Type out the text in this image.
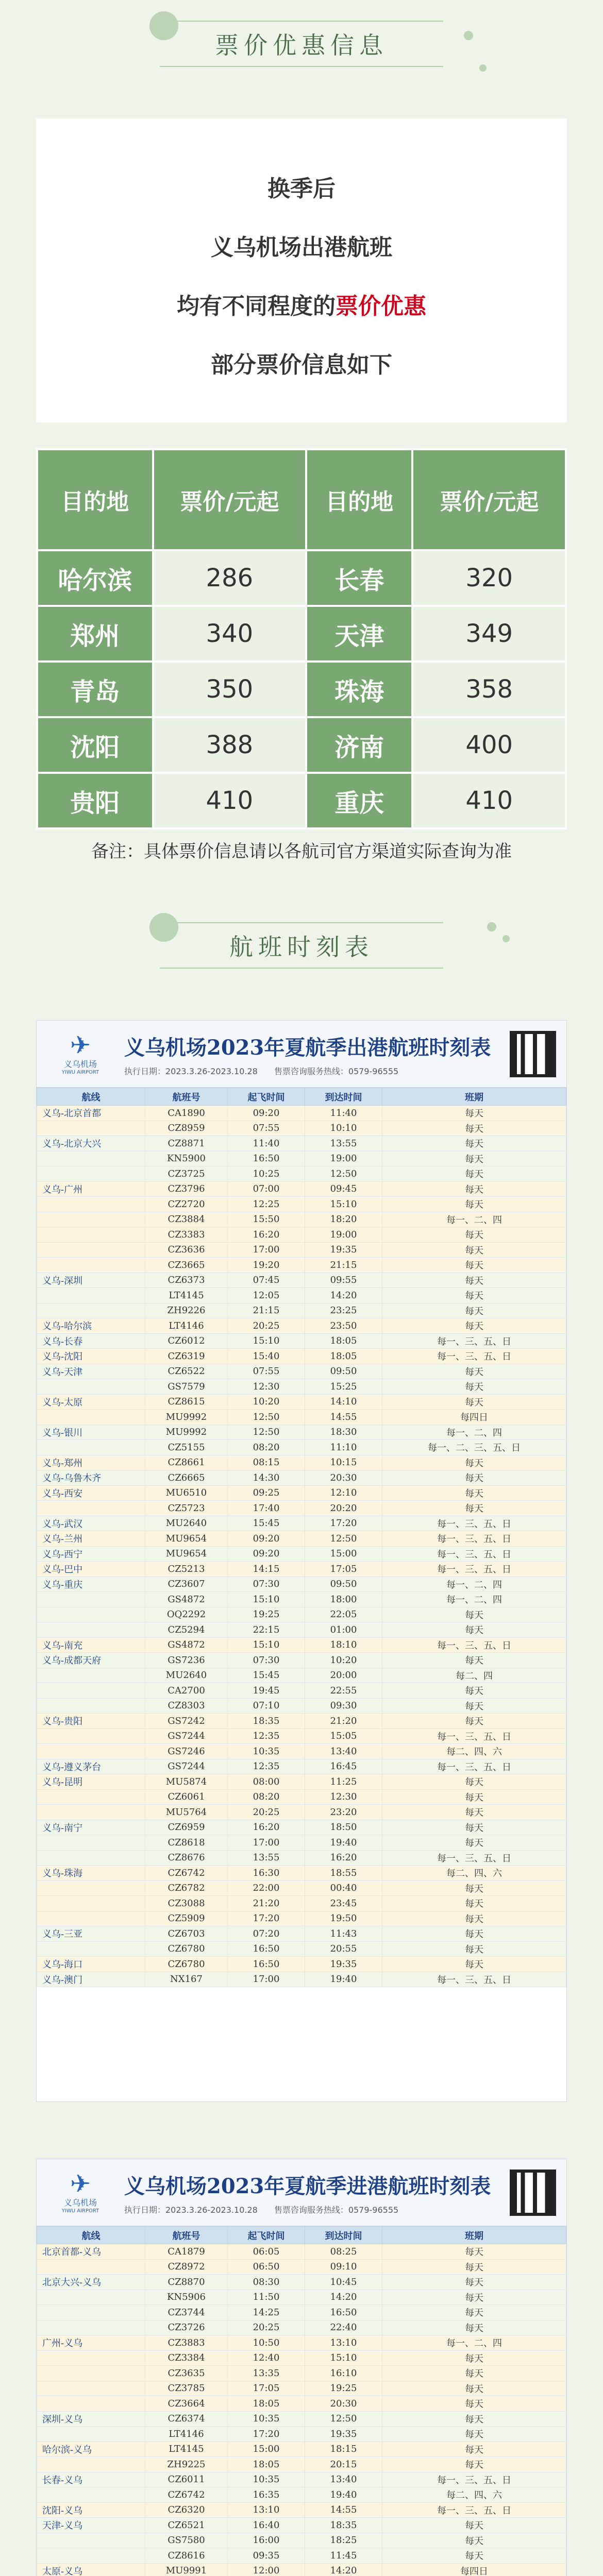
票价优惠信息

换季后

义乌机场出港航班

均有不同程度的票价优惠

部分票价信息如下

目的地	票价/元起	目的地	票价/元起
哈尔滨	286	长春	320
郑州	340	天津	349
青岛	350	珠海	358
沈阳	388	济南	400
贵阳	410	重庆	410
备注：具体票价信息请以各航司官方渠道实际查询为准
航班时刻表
✈
义乌机场
YIWU AIRPORT
义乌机场2023年夏航季出港航班时刻表
执行日期：2023.3.26-2023.10.28　　售票咨询服务热线：0579-96555
航线	航班号	起飞时间	到达时间	班期
义乌-北京首都	CA1890	09:20	11:40	每天
	CZ8959	07:55	10:10	每天
义乌-北京大兴	CZ8871	11:40	13:55	每天
	KN5900	16:50	19:00	每天
	CZ3725	10:25	12:50	每天
义乌-广州	CZ3796	07:00	09:45	每天
	CZ2720	12:25	15:10	每天
	CZ3884	15:50	18:20	每一、二、四
	CZ3383	16:20	19:00	每天
	CZ3636	17:00	19:35	每天
	CZ3665	19:20	21:15	每天
义乌-深圳	CZ6373	07:45	09:55	每天
	LT4145	12:05	14:20	每天
	ZH9226	21:15	23:25	每天
义乌-哈尔滨	LT4146	20:25	23:50	每天
义乌-长春	CZ6012	15:10	18:05	每一、三、五、日
义乌-沈阳	CZ6319	15:40	18:05	每一、三、五、日
义乌-天津	CZ6522	07:55	09:50	每天
	GS7579	12:30	15:25	每天
义乌-太原	CZ8615	10:20	14:10	每天
	MU9992	12:50	14:55	每四日
义乌-银川	MU9992	12:50	18:30	每一、二、四
	CZ5155	08:20	11:10	每一、二、三、五、日
义乌-郑州	CZ8661	08:15	10:15	每天
义乌-乌鲁木齐	CZ6665	14:30	20:30	每天
义乌-西安	MU6510	09:25	12:10	每天
	CZ5723	17:40	20:20	每天
义乌-武汉	MU2640	15:45	17:20	每一、三、五、日
义乌-兰州	MU9654	09:20	12:50	每一、三、五、日
义乌-西宁	MU9654	09:20	15:00	每一、三、五、日
义乌-巴中	CZ5213	14:15	17:05	每一、三、五、日
义乌-重庆	CZ3607	07:30	09:50	每一、二、四
	GS4872	15:10	18:00	每一、二、四
	OQ2292	19:25	22:05	每天
	CZ5294	22:15	01:00	每天
义乌-南充	GS4872	15:10	18:10	每一、三、五、日
义乌-成都天府	GS7236	07:30	10:20	每天
	MU2640	15:45	20:00	每二、四
	CA2700	19:45	22:55	每天
	CZ8303	07:10	09:30	每天
义乌-贵阳	GS7242	18:35	21:20	每天
	GS7244	12:35	15:05	每一、三、五、日
	GS7246	10:35	13:40	每二、四、六
义乌-遵义茅台	GS7244	12:35	16:45	每一、三、五、日
义乌-昆明	MU5874	08:00	11:25	每天
	CZ6061	08:20	12:30	每天
	MU5764	20:25	23:20	每天
义乌-南宁	CZ6959	16:20	18:50	每天
	CZ8618	17:00	19:40	每天
	CZ8676	13:55	16:20	每一、三、五、日
义乌-珠海	CZ6742	16:30	18:55	每二、四、六
	CZ6782	22:00	00:40	每天
	CZ3088	21:20	23:45	每天
	CZ5909	17:20	19:50	每天
义乌-三亚	CZ6703	07:20	11:43	每天
	CZ6780	16:50	20:55	每天
义乌-海口	CZ6780	16:50	19:35	每天
义乌-澳门	NX167	17:00	19:40	每一、三、五、日
✈
义乌机场
YIWU AIRPORT
义乌机场2023年夏航季进港航班时刻表
执行日期：2023.3.26-2023.10.28　　售票咨询服务热线：0579-96555
航线	航班号	起飞时间	到达时间	班期
北京首都-义乌	CA1879	06:05	08:25	每天
	CZ8972	06:50	09:10	每天
北京大兴-义乌	CZ8870	08:30	10:45	每天
	KN5906	11:50	14:20	每天
	CZ3744	14:25	16:50	每天
	CZ3726	20:25	22:40	每天
广州-义乌	CZ3883	10:50	13:10	每一、二、四
	CZ3384	12:40	15:10	每天
	CZ3635	13:35	16:10	每天
	CZ3785	17:05	19:25	每天
	CZ3664	18:05	20:30	每天
深圳-义乌	CZ6374	10:35	12:50	每天
	LT4146	17:20	19:35	每天
哈尔滨-义乌	LT4145	15:00	18:15	每天
	ZH9225	18:05	20:15	每天
长春-义乌	CZ6011	10:35	13:40	每一、三、五、日
	CZ6742	16:35	19:40	每二、四、六
沈阳-义乌	CZ6320	13:10	14:55	每一、三、五、日
天津-义乌	CZ6521	16:40	18:35	每天
	GS7580	16:00	18:25	每天
	CZ8616	09:35	11:45	每天
太原-义乌	MU9991	12:00	14:20	每四日
